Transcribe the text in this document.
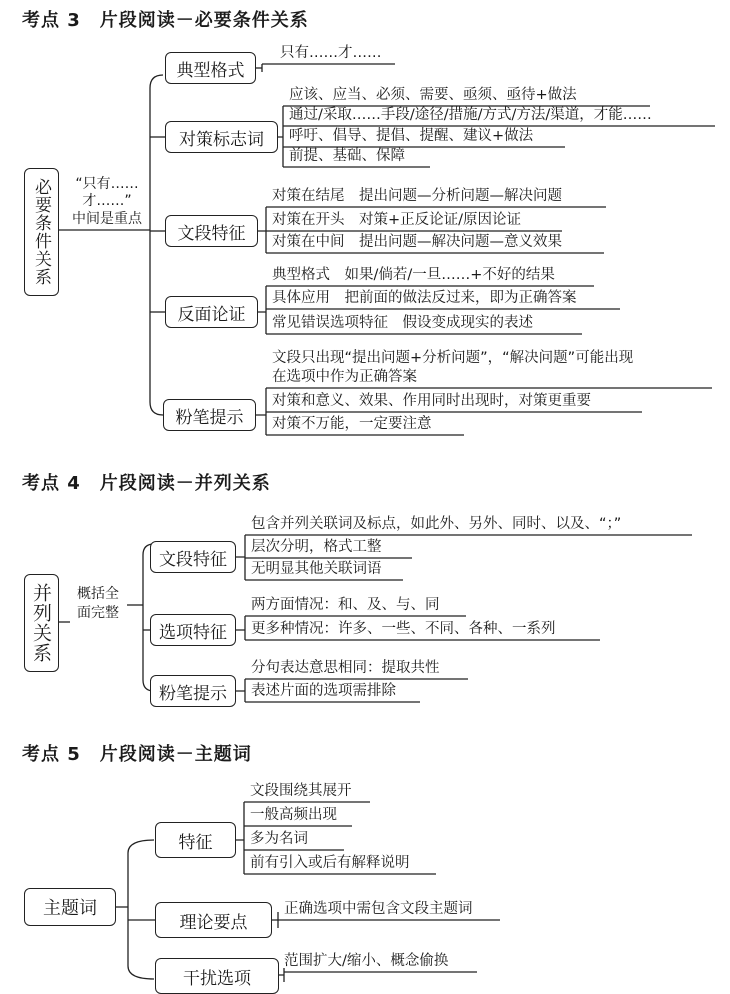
考点 3　片段阅读－必要条件关系
必要条件关系	“只有……
才……”
中间是重点
典型格式
只有……才……
对策标志词
应该、应当、必须、需要、亟须、亟待+做法
通过/采取……手段/途径/措施/方式/方法/渠道，才能……
呼吁、倡导、提倡、提醒、建议+做法
前提、基础、保障
文段特征
对策在结尾　提出问题—分析问题—解决问题
对策在开头　对策+正反论证/原因论证
对策在中间　提出问题—解决问题—意义效果
反面论证
典型格式　如果/倘若/一旦……+不好的结果
具体应用　把前面的做法反过来，即为正确答案
常见错误选项特征　假设变成现实的表述
粉笔提示
文段只出现“提出问题+分析问题”，“解决问题”可能出现
在选项中作为正确答案
对策和意义、效果、作用同时出现时，对策更重要
对策不万能，一定要注意
考点 4　片段阅读－并列关系
并列关系	概括全
面完整
文段特征
包含并列关联词及标点，如此外、另外、同时、以及、“；”
层次分明，格式工整
无明显其他关联词语
选项特征
两方面情况：和、及、与、同
更多种情况：许多、一些、不同、各种、一系列
粉笔提示
分句表达意思相同：提取共性
表述片面的选项需排除
考点 5　片段阅读－主题词
主题词
特征
文段围绕其展开
一般高频出现
多为名词
前有引入或后有解释说明
理论要点
正确选项中需包含文段主题词
干扰选项
范围扩大/缩小、概念偷换
